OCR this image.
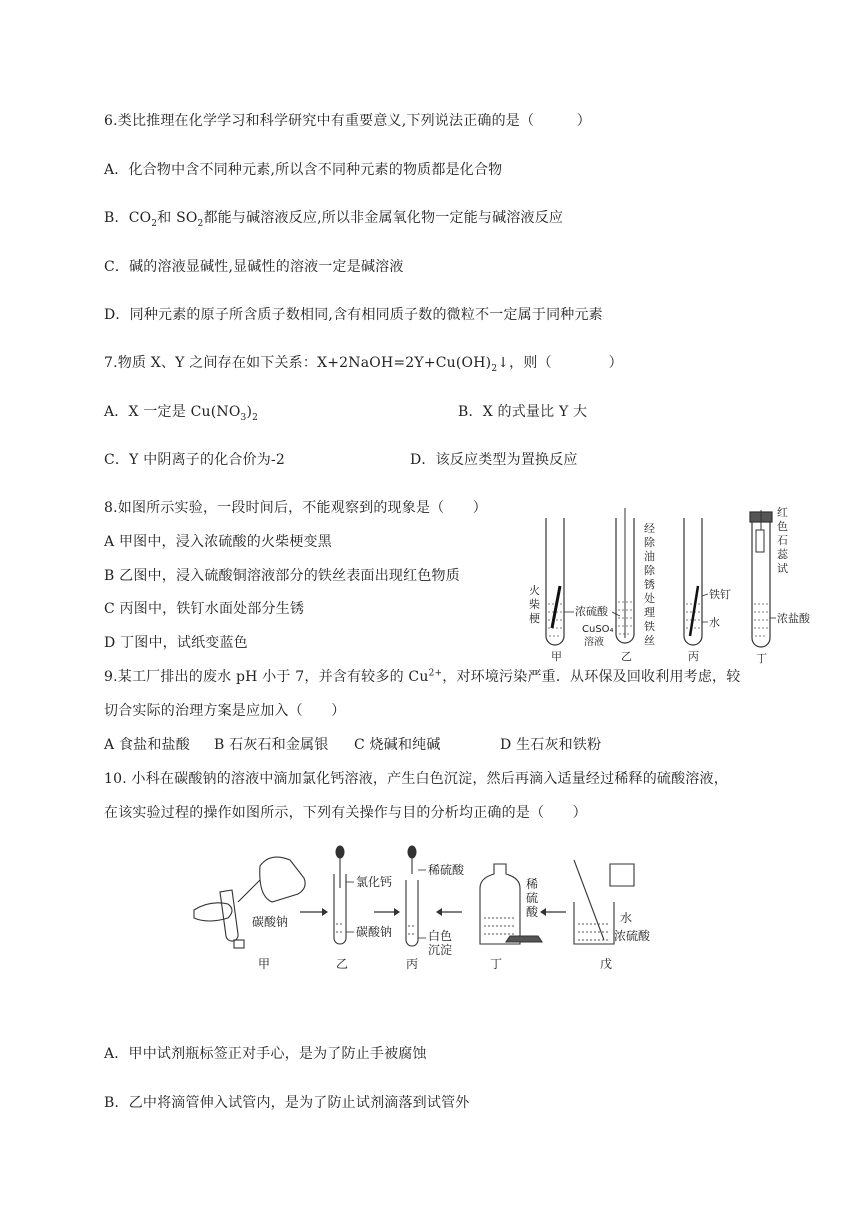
6.类比推理在化学学习和科学研究中有重要意义,下列说法正确的是（　　　）
A．化合物中含不同种元素,所以含不同种元素的物质都是化合物
B．$CO_2$和 $SO_2$都能与碱溶液反应,所以非金属氧化物一定能与碱溶液反应
C．碱的溶液显碱性,显碱性的溶液一定是碱溶液
D．同种元素的原子所含质子数相同,含有相同质子数的微粒不一定属于同种元素
7.物质 X、Y 之间存在如下关系：$X+2NaOH=2Y+Cu(OH)_2↓$，则（　　　　）
A．X 一定是 $Cu(NO_3)_2$	B．X 的式量比 Y 大
C．Y 中阴离子的化合价为-2	D．该反应类型为置换反应
8.如图所示实验，一段时间后，不能观察到的现象是（　　）
A 甲图中，浸入浓硫酸的火柴梗变黑
B 乙图中，浸入硫酸铜溶液部分的铁丝表面出现红色物质
C 丙图中，铁钉水面处部分生锈
D 丁图中，试纸变蓝色
火
柴
梗
浓硫酸
经
除
油
除
锈
处
理
铁
丝
CuSO₄
溶液
铁钉
水
红
色
石
蕊
试
浓盐酸
甲	乙	丙	丁
9.某工厂排出的废水 pH 小于 7，并含有较多的 $Cu^{2+}$，对环境污染严重．从环保及回收利用考虑，较
切合实际的治理方案是应加入（　　）
A 食盐和盐酸 B 石灰石和金属银 C 烧碱和纯碱	D 生石灰和铁粉
10. 小科在碳酸钠的溶液中滴加氯化钙溶液，产生白色沉淀，然后再滴入适量经过稀释的硫酸溶液，
在该实验过程的操作如图所示，下列有关操作与目的分析均正确的是（　　）
碳酸钠
甲
氯化钙
碳酸钠
乙
稀硫酸
白色
沉淀
丙
稀
硫
酸
丁
水
浓硫酸
戊
A．甲中试剂瓶标签正对手心，是为了防止手被腐蚀
B．乙中将滴管伸入试管内，是为了防止试剂滴落到试管外
